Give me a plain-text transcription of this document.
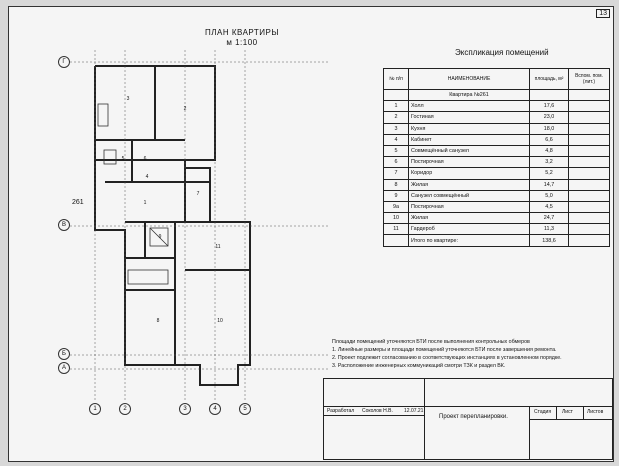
13
ПЛАН КВАРТИРЫ
м 1:100
3
2
5	6
4
1
7
9
11
8	10
261
Г
В
Б
А
1	2	3	4	5
Экспликация помещений
№ п/п	НАИМЕНОВАНИЕ	площадь, м²	Вспом. пом. (лит.)
	Квартира №261		
1	Холл	17,6	
2	Гостиная	23,0	
3	Кухня	18,0	
4	Кабинет	6,6	
5	Совмещённый санузел	4,8	
6	Постирочная	3,2	
7	Коридор	5,2	
8	Жилая	14,7	
9	Санузел совмещённый	5,0	
9а	Постирочная	4,5	
10	Жилая	24,7	
11	Гардероб	11,3	
	Итого по квартире:	138,6	
Площади помещений уточняются БТИ после выполнения контрольных обмеров
1. Линейные размеры и площади помещений уточняются БТИ после завершения ремонта.
2. Проект подлежит согласованию в соответствующих инстанциях в установленном порядке.
3. Расположение инженерных коммуникаций смотри ТЗК и раздел ВК.
Разработал Соколов Н.В. 12.07.21
Проект перепланировки.
Стадия Лист	Листов
